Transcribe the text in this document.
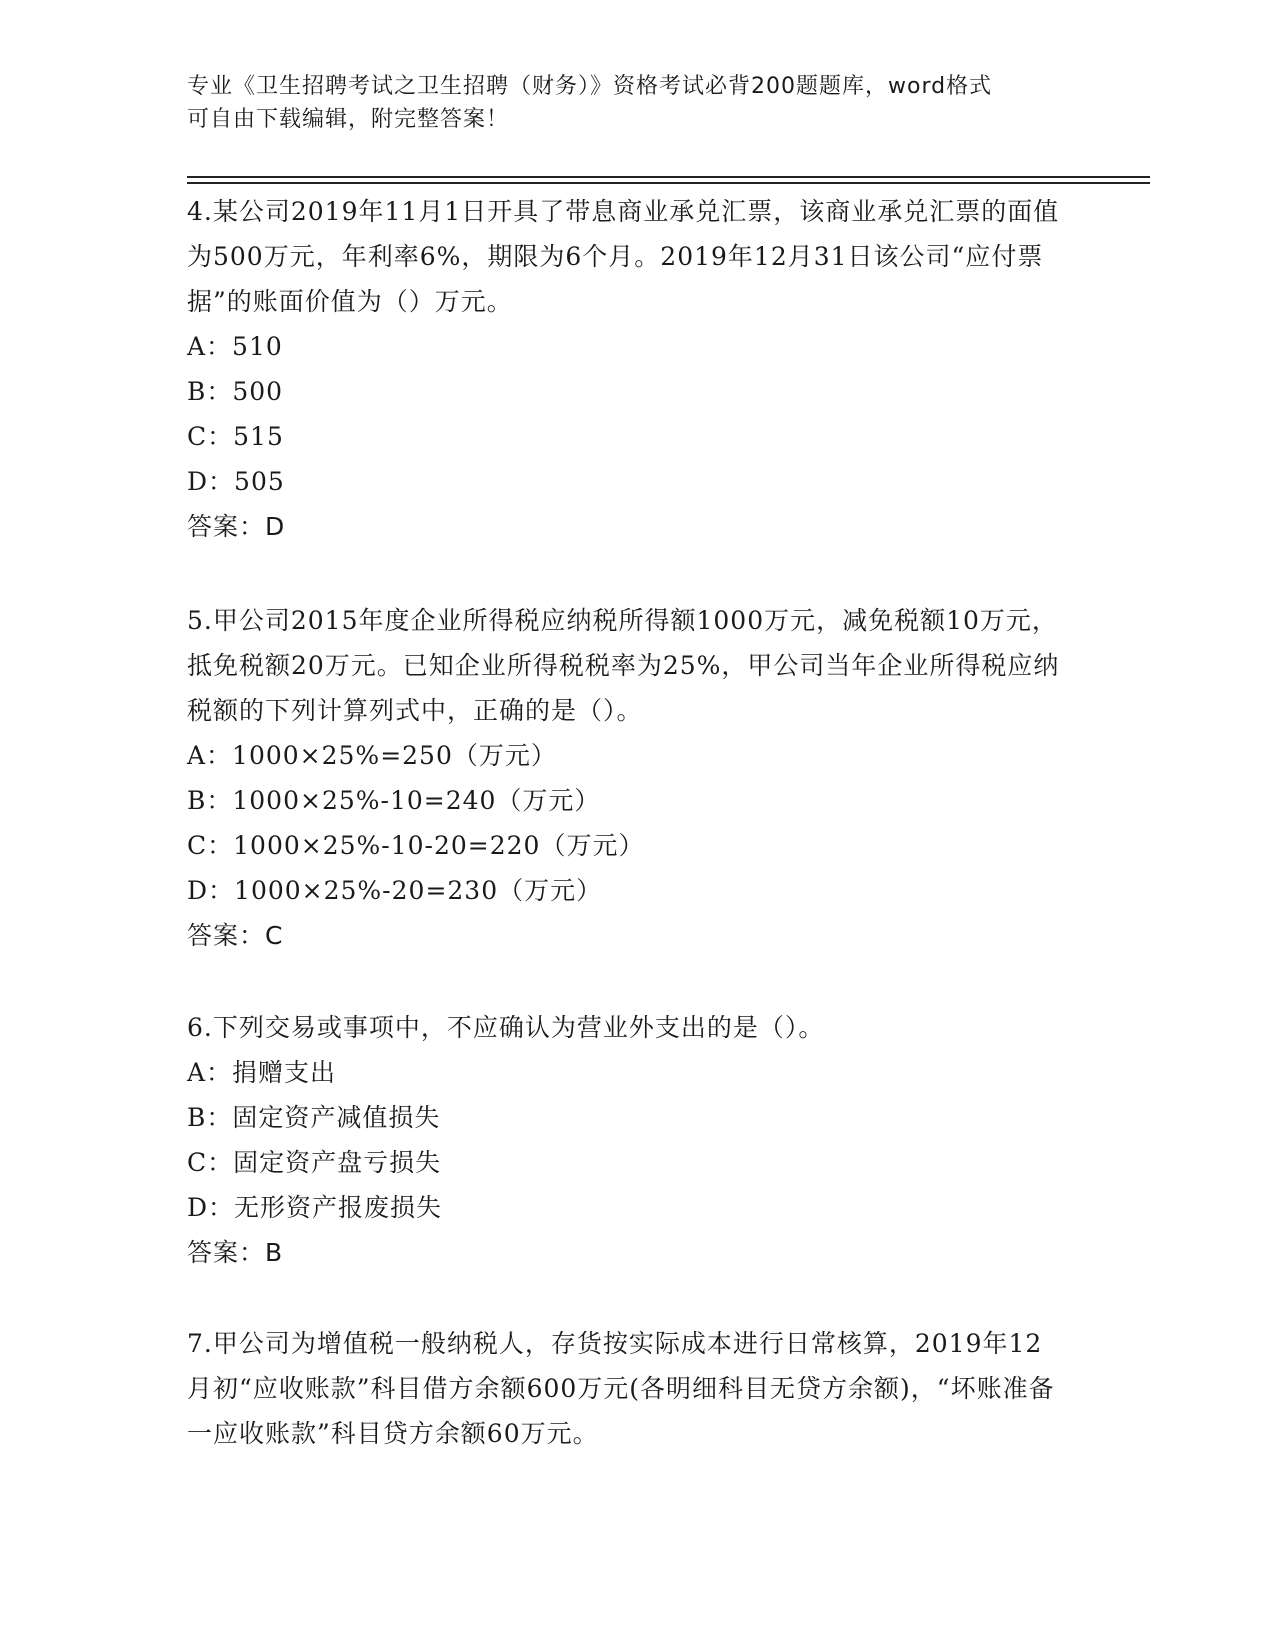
专业《卫生招聘考试之卫生招聘（财务）》资格考试必背200题题库，word格式
可自由下载编辑，附完整答案！
4.某公司2019年11月1日开具了带息商业承兑汇票，该商业承兑汇票的面值为500万元，年利率6%，期限为6个月。2019年12月31日该公司“应付票据”的账面价值为（）万元。
A：510
B：500
C：515
D：505
答案：D
5.甲公司2015年度企业所得税应纳税所得额1000万元，减免税额10万元，抵免税额20万元。已知企业所得税税率为25%，甲公司当年企业所得税应纳税额的下列计算列式中，正确的是（）。
A：1000×25%=250（万元）
B：1000×25%-10=240（万元）
C：1000×25%-10-20=220（万元）
D：1000×25%-20=230（万元）
答案：C
6.下列交易或事项中，不应确认为营业外支出的是（）。
A：捐赠支出
B：固定资产减值损失
C：固定资产盘亏损失
D：无形资产报废损失
答案：B
7.甲公司为增值税一般纳税人，存货按实际成本进行日常核算，2019年12月初“应收账款”科目借方余额600万元(各明细科目无贷方余额)，“坏账准备一应收账款”科目贷方余额60万元。
